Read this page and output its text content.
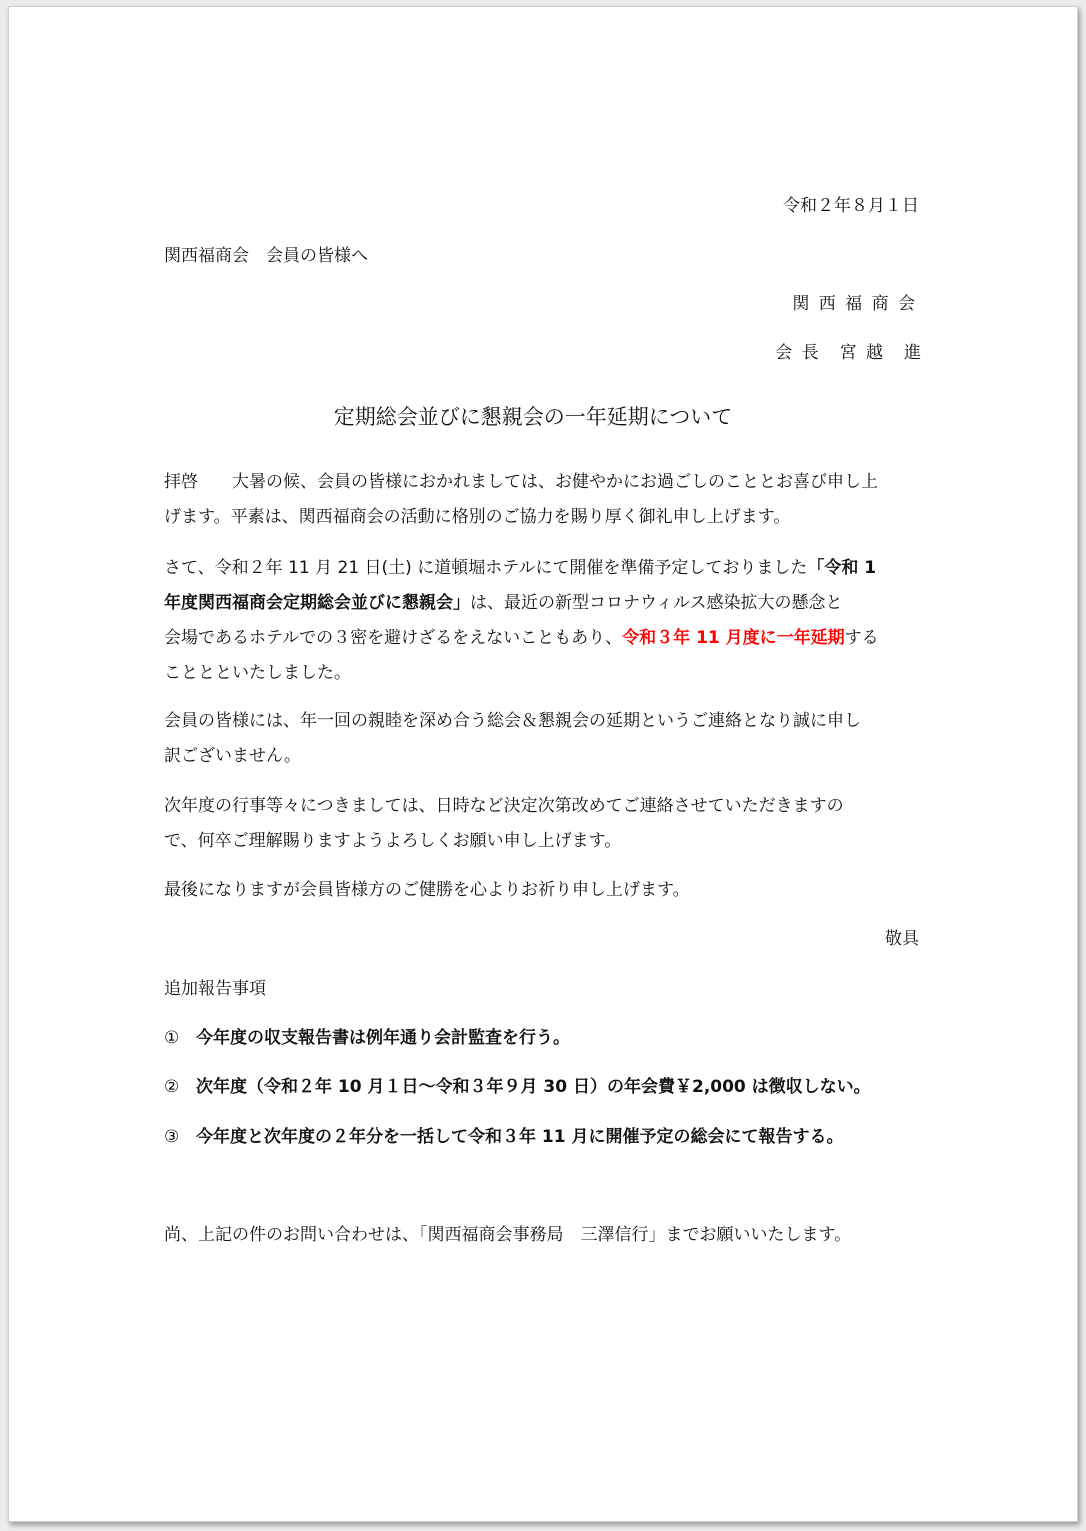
令和２年８月１日
関西福商会　会員の皆様へ
関 西 福 商 会
会 長　宮 越　進
定期総会並びに懇親会の一年延期について
拝啓　　大暑の候、会員の皆様におかれましては、お健やかにお過ごしのこととお喜び申し上
げます。平素は、関西福商会の活動に格別のご協力を賜り厚く御礼申し上げます。
さて、令和２年 11 月 21 日(土) に道頓堀ホテルにて開催を準備予定しておりました「令和 1
年度関西福商会定期総会並びに懇親会」は、最近の新型コロナウィルス感染拡大の懸念と
会場であるホテルでの３密を避けざるをえないこともあり、令和３年 11 月度に一年延期する
こととといたしました。
会員の皆様には、年一回の親睦を深め合う総会＆懇親会の延期というご連絡となり誠に申し
訳ございません。
次年度の行事等々につきましては、日時など決定次第改めてご連絡させていただきますの
で、何卒ご理解賜りますようよろしくお願い申し上げます。
最後になりますが会員皆様方のご健勝を心よりお祈り申し上げます。
敬具
追加報告事項
① 今年度の収支報告書は例年通り会計監査を行う。
② 次年度（令和２年 10 月１日～令和３年９月 30 日）の年会費￥2,000 は徴収しない。
③ 今年度と次年度の２年分を一括して令和３年 11 月に開催予定の総会にて報告する。
尚、上記の件のお問い合わせは、「関西福商会事務局　三澤信行」までお願いいたします。
